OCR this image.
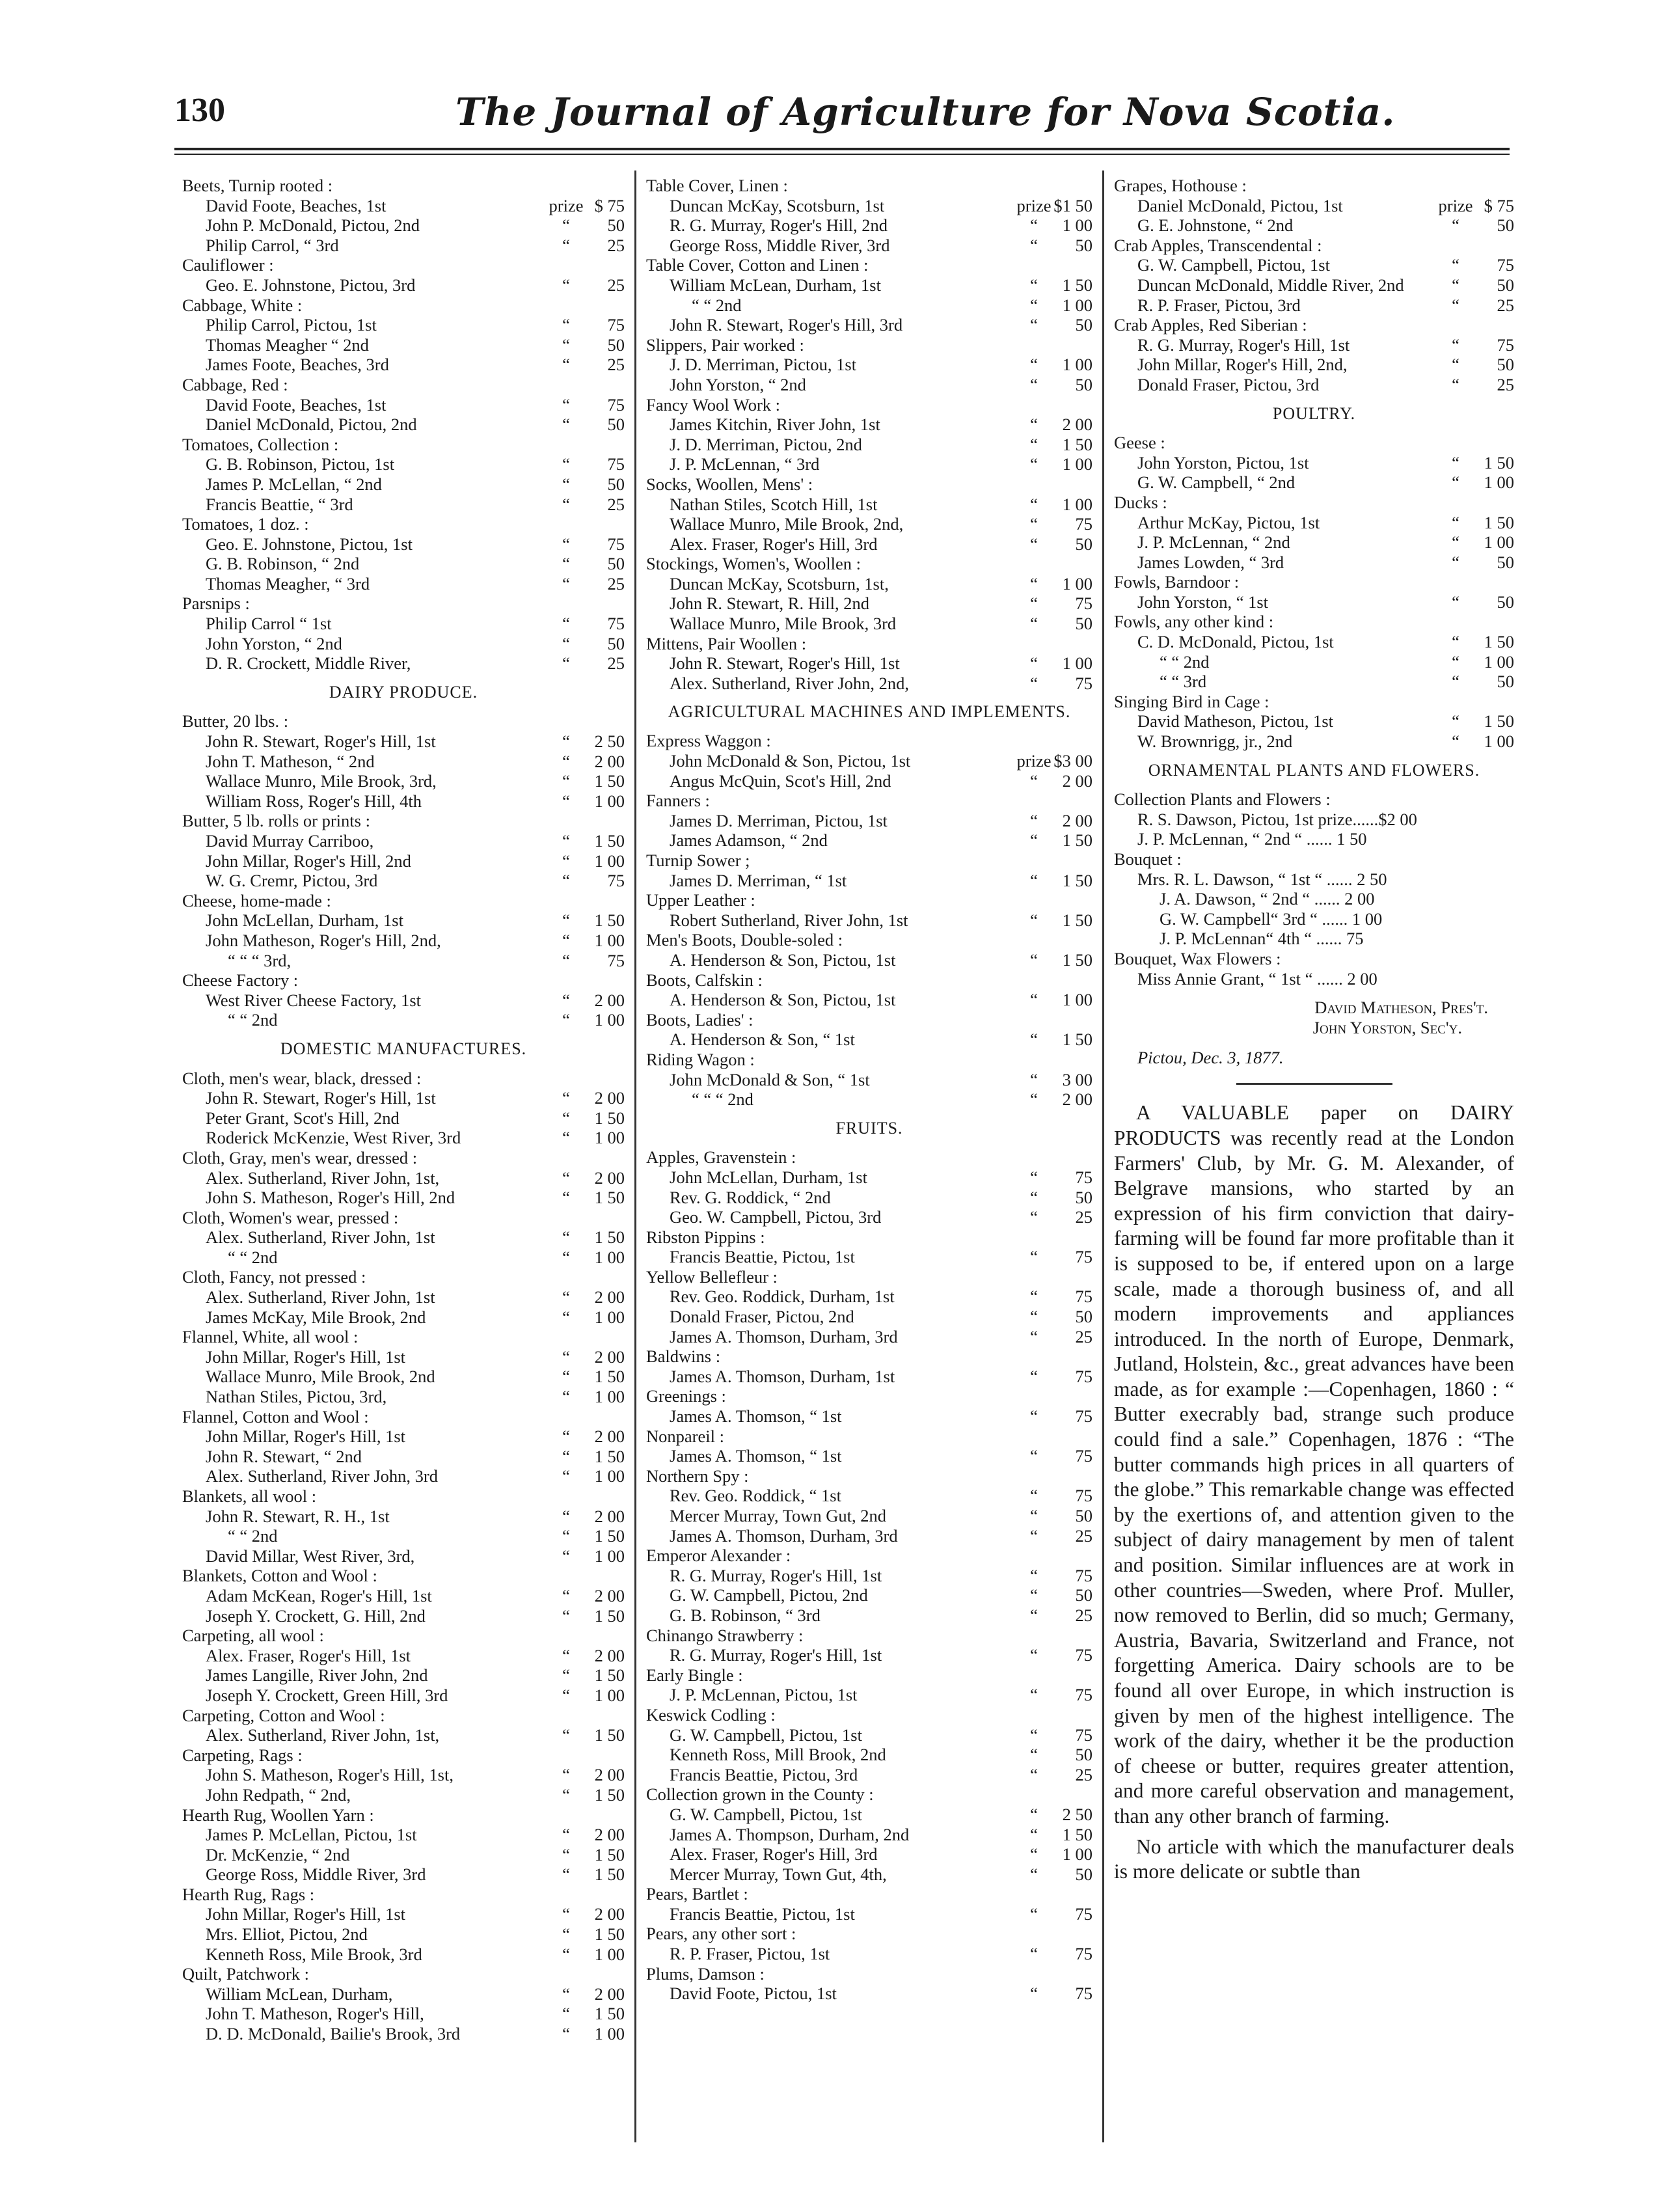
130	The Journal of Agriculture for Nova Scotia.
Beets, Turnip rooted :
David Foote, Beaches, 1st	prize $ 75
John P. McDonald, Pictou, 2nd	“	50
Philip Carrol, “ 3rd	“	25
Cauliflower :
Geo. E. Johnstone, Pictou, 3rd	“	25
Cabbage, White :
Philip Carrol, Pictou, 1st	“	75
Thomas Meagher “ 2nd	“	50
James Foote, Beaches, 3rd	“	25
Cabbage, Red :
David Foote, Beaches, 1st	“	75
Daniel McDonald, Pictou, 2nd	“	50
Tomatoes, Collection :
G. B. Robinson, Pictou, 1st	“	75
James P. McLellan, “ 2nd	“	50
Francis Beattie, “ 3rd	“	25
Tomatoes, 1 doz. :
Geo. E. Johnstone, Pictou, 1st	“	75
G. B. Robinson, “ 2nd	“	50
Thomas Meagher, “ 3rd	“	25
Parsnips :
Philip Carrol “ 1st	“	75
John Yorston, “ 2nd	“	50
D. R. Crockett, Middle River,	“	25
DAIRY PRODUCE.
Butter, 20 lbs. :
John R. Stewart, Roger's Hill, 1st	“	2 50
John T. Matheson, “ 2nd	“	2 00
Wallace Munro, Mile Brook, 3rd,	“	1 50
William Ross, Roger's Hill, 4th	“	1 00
Butter, 5 lb. rolls or prints :
David Murray Carriboo,	“	1 50
John Millar, Roger's Hill, 2nd	“	1 00
W. G. Cremr, Pictou, 3rd	“	75
Cheese, home-made :
John McLellan, Durham, 1st	“	1 50
John Matheson, Roger's Hill, 2nd,	“	1 00
“ “ “ 3rd,	“	75
Cheese Factory :
West River Cheese Factory, 1st	“	2 00
“ “ 2nd	“	1 00
DOMESTIC MANUFACTURES.
Cloth, men's wear, black, dressed :
John R. Stewart, Roger's Hill, 1st	“	2 00
Peter Grant, Scot's Hill, 2nd	“	1 50
Roderick McKenzie, West River, 3rd	“	1 00
Cloth, Gray, men's wear, dressed :
Alex. Sutherland, River John, 1st,	“	2 00
John S. Matheson, Roger's Hill, 2nd	“	1 50
Cloth, Women's wear, pressed :
Alex. Sutherland, River John, 1st	“	1 50
“ “ 2nd	“	1 00
Cloth, Fancy, not pressed :
Alex. Sutherland, River John, 1st	“	2 00
James McKay, Mile Brook, 2nd	“	1 00
Flannel, White, all wool :
John Millar, Roger's Hill, 1st	“	2 00
Wallace Munro, Mile Brook, 2nd	“	1 50
Nathan Stiles, Pictou, 3rd,	“	1 00
Flannel, Cotton and Wool :
John Millar, Roger's Hill, 1st	“	2 00
John R. Stewart, “ 2nd	“	1 50
Alex. Sutherland, River John, 3rd	“	1 00
Blankets, all wool :
John R. Stewart, R. H., 1st	“	2 00
“ “ 2nd	“	1 50
David Millar, West River, 3rd,	“	1 00
Blankets, Cotton and Wool :
Adam McKean, Roger's Hill, 1st	“	2 00
Joseph Y. Crockett, G. Hill, 2nd	“	1 50
Carpeting, all wool :
Alex. Fraser, Roger's Hill, 1st	“	2 00
James Langille, River John, 2nd	“	1 50
Joseph Y. Crockett, Green Hill, 3rd	“	1 00
Carpeting, Cotton and Wool :
Alex. Sutherland, River John, 1st,	“	1 50
Carpeting, Rags :
John S. Matheson, Roger's Hill, 1st,	“	2 00
John Redpath, “ 2nd,	“	1 50
Hearth Rug, Woollen Yarn :
James P. McLellan, Pictou, 1st	“	2 00
Dr. McKenzie, “ 2nd	“	1 50
George Ross, Middle River, 3rd	“	1 50
Hearth Rug, Rags :
John Millar, Roger's Hill, 1st	“	2 00
Mrs. Elliot, Pictou, 2nd	“	1 50
Kenneth Ross, Mile Brook, 3rd	“	1 00
Quilt, Patchwork :
William McLean, Durham,	“	2 00
John T. Matheson, Roger's Hill,	“	1 50
D. D. McDonald, Bailie's Brook, 3rd	“	1 00
Table Cover, Linen :
Duncan McKay, Scotsburn, 1st	prize $1 50
R. G. Murray, Roger's Hill, 2nd	“	1 00
George Ross, Middle River, 3rd	“	50
Table Cover, Cotton and Linen :
William McLean, Durham, 1st	“	1 50
“ “ 2nd	“	1 00
John R. Stewart, Roger's Hill, 3rd	“	50
Slippers, Pair worked :
J. D. Merriman, Pictou, 1st	“	1 00
John Yorston, “ 2nd	“	50
Fancy Wool Work :
James Kitchin, River John, 1st	“	2 00
J. D. Merriman, Pictou, 2nd	“	1 50
J. P. McLennan, “ 3rd	“	1 00
Socks, Woollen, Mens' :
Nathan Stiles, Scotch Hill, 1st	“	1 00
Wallace Munro, Mile Brook, 2nd,	“	75
Alex. Fraser, Roger's Hill, 3rd	“	50
Stockings, Women's, Woollen :
Duncan McKay, Scotsburn, 1st,	“	1 00
John R. Stewart, R. Hill, 2nd	“	75
Wallace Munro, Mile Brook, 3rd	“	50
Mittens, Pair Woollen :
John R. Stewart, Roger's Hill, 1st	“	1 00
Alex. Sutherland, River John, 2nd,	“	75
AGRICULTURAL MACHINES AND IMPLEMENTS.
Express Waggon :
John McDonald & Son, Pictou, 1st	prize $3 00
Angus McQuin, Scot's Hill, 2nd	“	2 00
Fanners :
James D. Merriman, Pictou, 1st	“	2 00
James Adamson, “ 2nd	“	1 50
Turnip Sower ;
James D. Merriman, “ 1st	“	1 50
Upper Leather :
Robert Sutherland, River John, 1st	“	1 50
Men's Boots, Double-soled :
A. Henderson & Son, Pictou, 1st	“	1 50
Boots, Calfskin :
A. Henderson & Son, Pictou, 1st	“	1 00
Boots, Ladies' :
A. Henderson & Son, “ 1st	“	1 50
Riding Wagon :
John McDonald & Son, “ 1st	“	3 00
“ “ “ 2nd	“	2 00
FRUITS.
Apples, Gravenstein :
John McLellan, Durham, 1st	“	75
Rev. G. Roddick, “ 2nd	“	50
Geo. W. Campbell, Pictou, 3rd	“	25
Ribston Pippins :
Francis Beattie, Pictou, 1st	“	75
Yellow Bellefleur :
Rev. Geo. Roddick, Durham, 1st	“	75
Donald Fraser, Pictou, 2nd	“	50
James A. Thomson, Durham, 3rd	“	25
Baldwins :
James A. Thomson, Durham, 1st	“	75
Greenings :
James A. Thomson, “ 1st	“	75
Nonpareil :
James A. Thomson, “ 1st	“	75
Northern Spy :
Rev. Geo. Roddick, “ 1st	“	75
Mercer Murray, Town Gut, 2nd	“	50
James A. Thomson, Durham, 3rd	“	25
Emperor Alexander :
R. G. Murray, Roger's Hill, 1st	“	75
G. W. Campbell, Pictou, 2nd	“	50
G. B. Robinson, “ 3rd	“	25
Chinango Strawberry :
R. G. Murray, Roger's Hill, 1st	“	75
Early Bingle :
J. P. McLennan, Pictou, 1st	“	75
Keswick Codling :
G. W. Campbell, Pictou, 1st	“	75
Kenneth Ross, Mill Brook, 2nd	“	50
Francis Beattie, Pictou, 3rd	“	25
Collection grown in the County :
G. W. Campbell, Pictou, 1st	“	2 50
James A. Thompson, Durham, 2nd	“	1 50
Alex. Fraser, Roger's Hill, 3rd	“	1 00
Mercer Murray, Town Gut, 4th,	“	50
Pears, Bartlet :
Francis Beattie, Pictou, 1st	“	75
Pears, any other sort :
R. P. Fraser, Pictou, 1st	“	75
Plums, Damson :
David Foote, Pictou, 1st	“	75
Grapes, Hothouse :
Daniel McDonald, Pictou, 1st	prize $ 75
G. E. Johnstone, “ 2nd	“	50
Crab Apples, Transcendental :
G. W. Campbell, Pictou, 1st	“	75
Duncan McDonald, Middle River, 2nd	“	50
R. P. Fraser, Pictou, 3rd	“	25
Crab Apples, Red Siberian :
R. G. Murray, Roger's Hill, 1st	“	75
John Millar, Roger's Hill, 2nd,	“	50
Donald Fraser, Pictou, 3rd	“	25
POULTRY.
Geese :
John Yorston, Pictou, 1st	“	1 50
G. W. Campbell, “ 2nd	“	1 00
Ducks :
Arthur McKay, Pictou, 1st	“	1 50
J. P. McLennan, “ 2nd	“	1 00
James Lowden, “ 3rd	“	50
Fowls, Barndoor :
John Yorston, “ 1st	“	50
Fowls, any other kind :
C. D. McDonald, Pictou, 1st	“	1 50
“ “ 2nd	“	1 00
“ “ 3rd	“	50
Singing Bird in Cage :
David Matheson, Pictou, 1st	“	1 50
W. Brownrigg, jr., 2nd	“	1 00
ORNAMENTAL PLANTS AND FLOWERS.
Collection Plants and Flowers :
R. S. Dawson, Pictou, 1st prize......$2 00
J. P. McLennan, “ 2nd “ ...... 1 50
Bouquet :
Mrs. R. L. Dawson, “ 1st “ ...... 2 50
J. A. Dawson, “ 2nd “ ...... 2 00
G. W. Campbell“ 3rd “ ...... 1 00
J. P. McLennan“ 4th “ ...... 75
Bouquet, Wax Flowers :
Miss Annie Grant, “ 1st “ ...... 2 00
David Matheson, Pres't.
John Yorston, Sec'y.
Pictou, Dec. 3, 1877.

A VALUABLE paper on DAIRY PRODUCTS was recently read at the London Farmers' Club, by Mr. G. M. Alexander, of Belgrave mansions, who started by an expression of his firm conviction that dairy-farming will be found far more profitable than it is supposed to be, if entered upon on a large scale, made a thorough business of, and all modern improvements and appliances introduced. In the north of Europe, Denmark, Jutland, Holstein, &c., great advances have been made, as for example :—Copenhagen, 1860 : “ Butter execrably bad, strange such produce could find a sale.” Copenhagen, 1876 : “The butter commands high prices in all quarters of the globe.” This remarkable change was effected by the exertions of, and attention given to the subject of dairy management by men of talent and position. Similar influences are at work in other countries—Sweden, where Prof. Muller, now removed to Berlin, did so much; Germany, Austria, Bavaria, Switzerland and France, not forgetting America. Dairy schools are to be found all over Europe, in which instruction is given by men of the highest intelligence. The work of the dairy, whether it be the production of cheese or butter, requires greater attention, and more careful observation and management, than any other branch of farming.

No article with which the manufacturer deals is more delicate or subtle than
